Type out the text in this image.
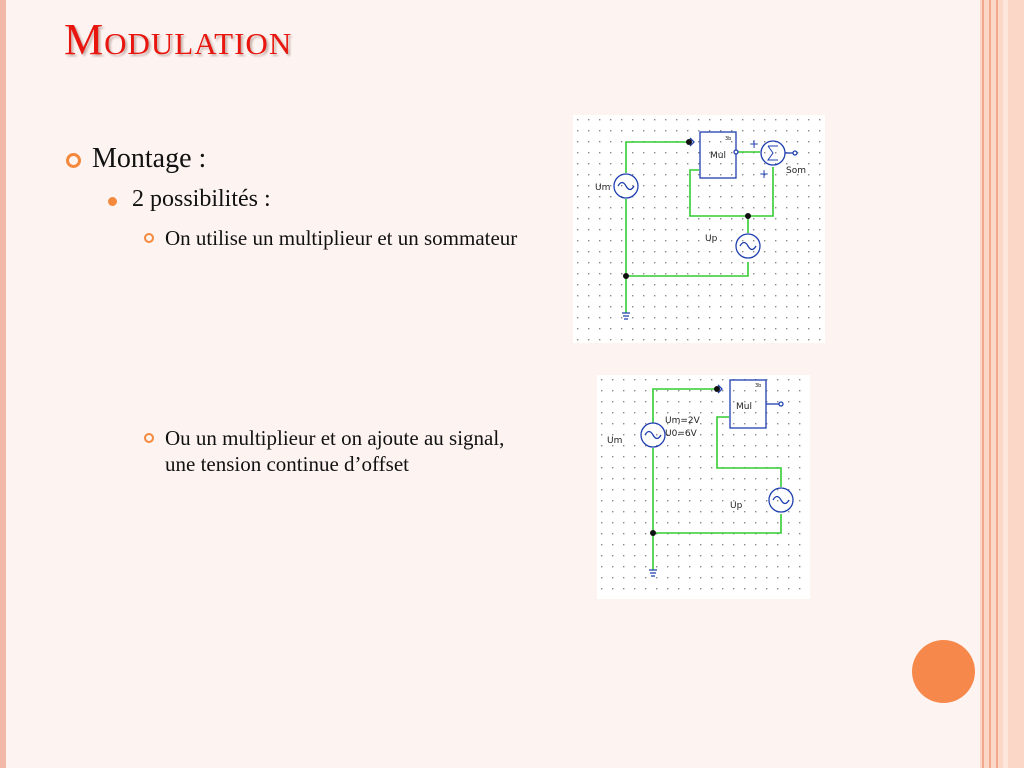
Modulation
Montage :
2 possibilités :
On utilise un multiplieur et un sommateur
Ou un multiplieur et on ajoute au signal, une tension continue d’offset
Um
Up
Mul
3b
Som
+
+
Um
Um=2V
U0=6V
Up
Mul
3b
